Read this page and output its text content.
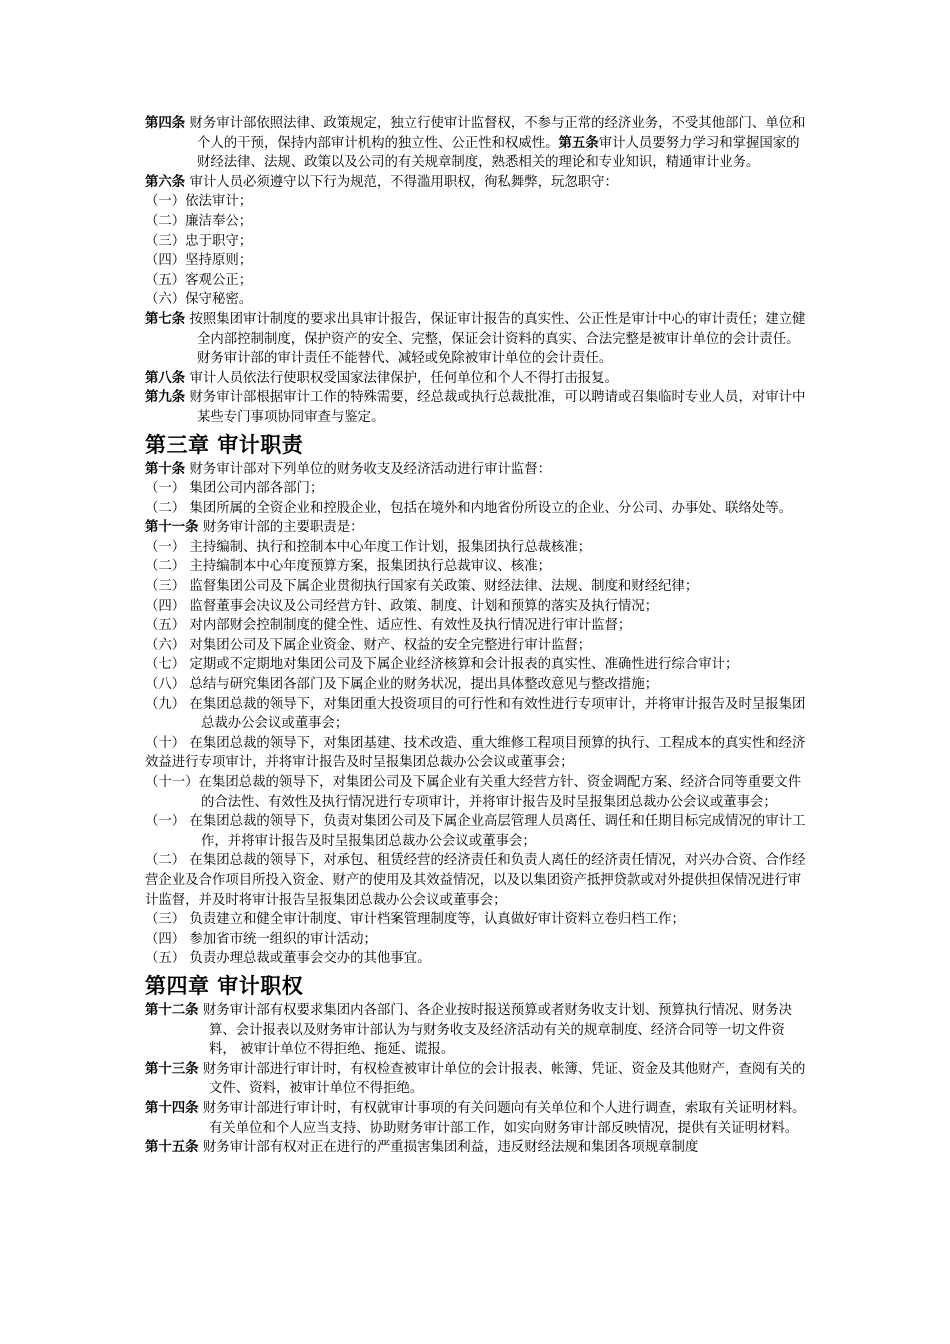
第四条 财务审计部依照法律、政策规定，独立行使审计监督权，不参与正常的经济业务，不受其他部门、单位和个人的干预，保持内部审计机构的独立性、公正性和权威性。第五条审计人员要努力学习和掌握国家的财经法律、法规、政策以及公司的有关规章制度，熟悉相关的理论和专业知识，精通审计业务。

第六条 审计人员必须遵守以下行为规范，不得滥用职权，徇私舞弊，玩忽职守：

（一）依法审计；

（二）廉洁奉公；

（三）忠于职守；

（四）坚持原则；

（五）客观公正；

（六）保守秘密。

第七条 按照集团审计制度的要求出具审计报告，保证审计报告的真实性、公正性是审计中心的审计责任；建立健全内部控制制度，保护资产的安全、完整，保证会计资料的真实、合法完整是被审计单位的会计责任。财务审计部的审计责任不能替代、减轻或免除被审计单位的会计责任。

第八条 审计人员依法行使职权受国家法律保护，任何单位和个人不得打击报复。

第九条 财务审计部根据审计工作的特殊需要，经总裁或执行总裁批准，可以聘请或召集临时专业人员，对审计中某些专门事项协同审查与鉴定。

第三章 审计职责

第十条 财务审计部对下列单位的财务收支及经济活动进行审计监督：

（一） 集团公司内部各部门；

（二） 集团所属的全资企业和控股企业，包括在境外和内地省份所设立的企业、分公司、办事处、联络处等。

第十一条 财务审计部的主要职责是：

（一） 主持编制、执行和控制本中心年度工作计划，报集团执行总裁核准；

（二） 主持编制本中心年度预算方案，报集团执行总裁审议、核准；

（三） 监督集团公司及下属企业贯彻执行国家有关政策、财经法律、法规、制度和财经纪律；

（四） 监督董事会决议及公司经营方针、政策、制度、计划和预算的落实及执行情况；

（五） 对内部财会控制制度的健全性、适应性、有效性及执行情况进行审计监督；

（六） 对集团公司及下属企业资金、财产、权益的安全完整进行审计监督；

（七） 定期或不定期地对集团公司及下属企业经济核算和会计报表的真实性、准确性进行综合审计；

（八） 总结与研究集团各部门及下属企业的财务状况，提出具体整改意见与整改措施；

（九） 在集团总裁的领导下，对集团重大投资项目的可行性和有效性进行专项审计，并将审计报告及时呈报集团总裁办公会议或董事会；

（十） 在集团总裁的领导下，对集团基建、技术改造、重大维修工程项目预算的执行、工程成本的真实性和经济效益进行专项审计，并将审计报告及时呈报集团总裁办公会议或董事会；

（十一）在集团总裁的领导下，对集团公司及下属企业有关重大经营方针、资金调配方案、经济合同等重要文件的合法性、有效性及执行情况进行专项审计，并将审计报告及时呈报集团总裁办公会议或董事会；

（一） 在集团总裁的领导下，负责对集团公司及下属企业高层管理人员离任、调任和任期目标完成情况的审计工作，并将审计报告及时呈报集团总裁办公会议或董事会；

（二） 在集团总裁的领导下，对承包、租赁经营的经济责任和负责人离任的经济责任情况，对兴办合资、合作经营企业及合作项目所投入资金、财产的使用及其效益情况，以及以集团资产抵押贷款或对外提供担保情况进行审计监督，并及时将审计报告呈报集团总裁办公会议或董事会；

（三） 负责建立和健全审计制度、审计档案管理制度等，认真做好审计资料立卷归档工作；

（四） 参加省市统一组织的审计活动；

（五） 负责办理总裁或董事会交办的其他事宜。

第四章 审计职权

第十二条 财务审计部有权要求集团内各部门、各企业按时报送预算或者财务收支计划、预算执行情况、财务决算、会计报表以及财务审计部认为与财务收支及经济活动有关的规章制度、经济合同等一切文件资料， 被审计单位不得拒绝、拖延、谎报。

第十三条 财务审计部进行审计时，有权检查被审计单位的会计报表、帐簿、凭证、资金及其他财产，查阅有关的文件、资料，被审计单位不得拒绝。

第十四条 财务审计部进行审计时，有权就审计事项的有关问题向有关单位和个人进行调查，索取有关证明材料。有关单位和个人应当支持、协助财务审计部工作，如实向财务审计部反映情况，提供有关证明材料。

第十五条 财务审计部有权对正在进行的严重损害集团利益，违反财经法规和集团各项规章制度
